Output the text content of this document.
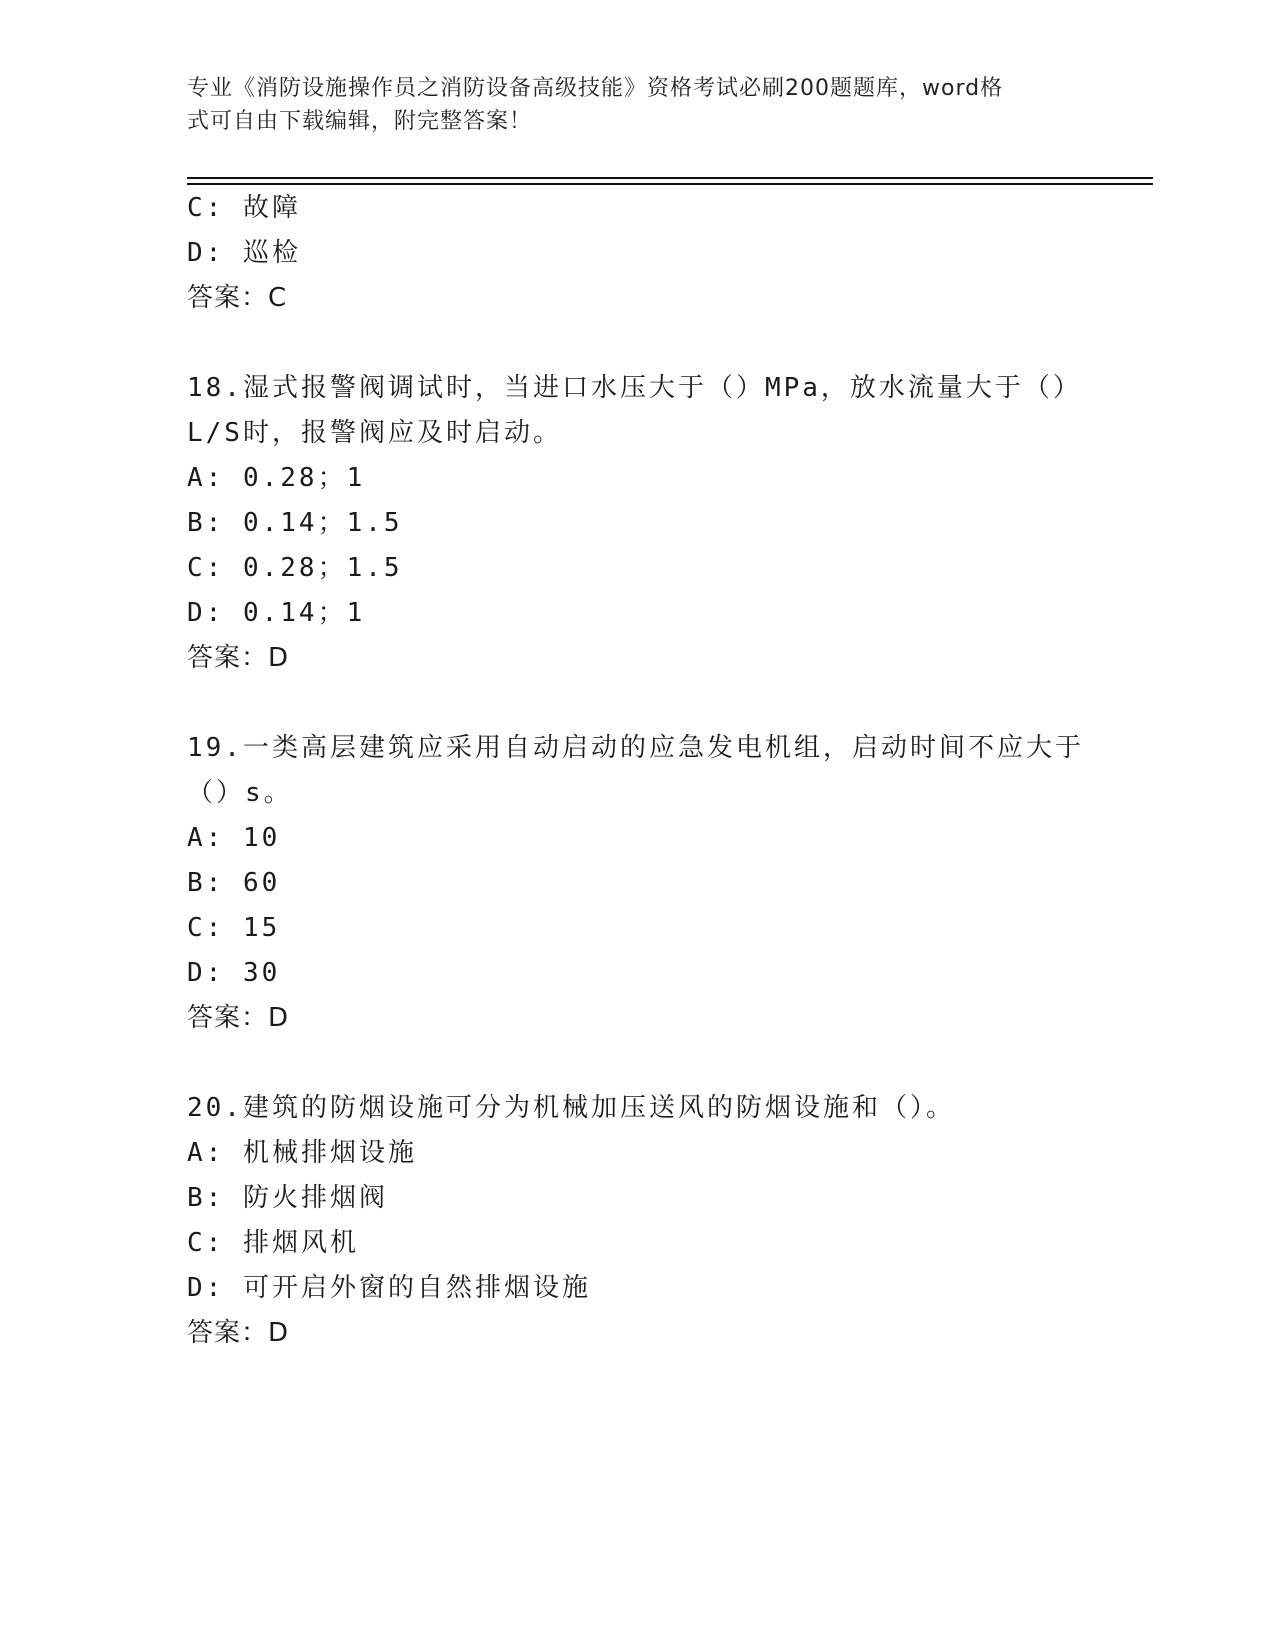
专业《消防设施操作员之消防设备高级技能》资格考试必刷200题题库，word格
式可自由下载编辑，附完整答案！
C: 故障
D: 巡检
答案：C
18.湿式报警阀调试时，当进口水压大于（）MPa，放水流量大于（）
L/S时，报警阀应及时启动。
A: 0.28；1
B: 0.14；1.5
C: 0.28；1.5
D: 0.14；1
答案：D
19.一类高层建筑应采用自动启动的应急发电机组，启动时间不应大于
（）s。
A: 10
B: 60
C: 15
D: 30
答案：D
20.建筑的防烟设施可分为机械加压送风的防烟设施和（）。
A: 机械排烟设施
B: 防火排烟阀
C: 排烟风机
D: 可开启外窗的自然排烟设施
答案：D
